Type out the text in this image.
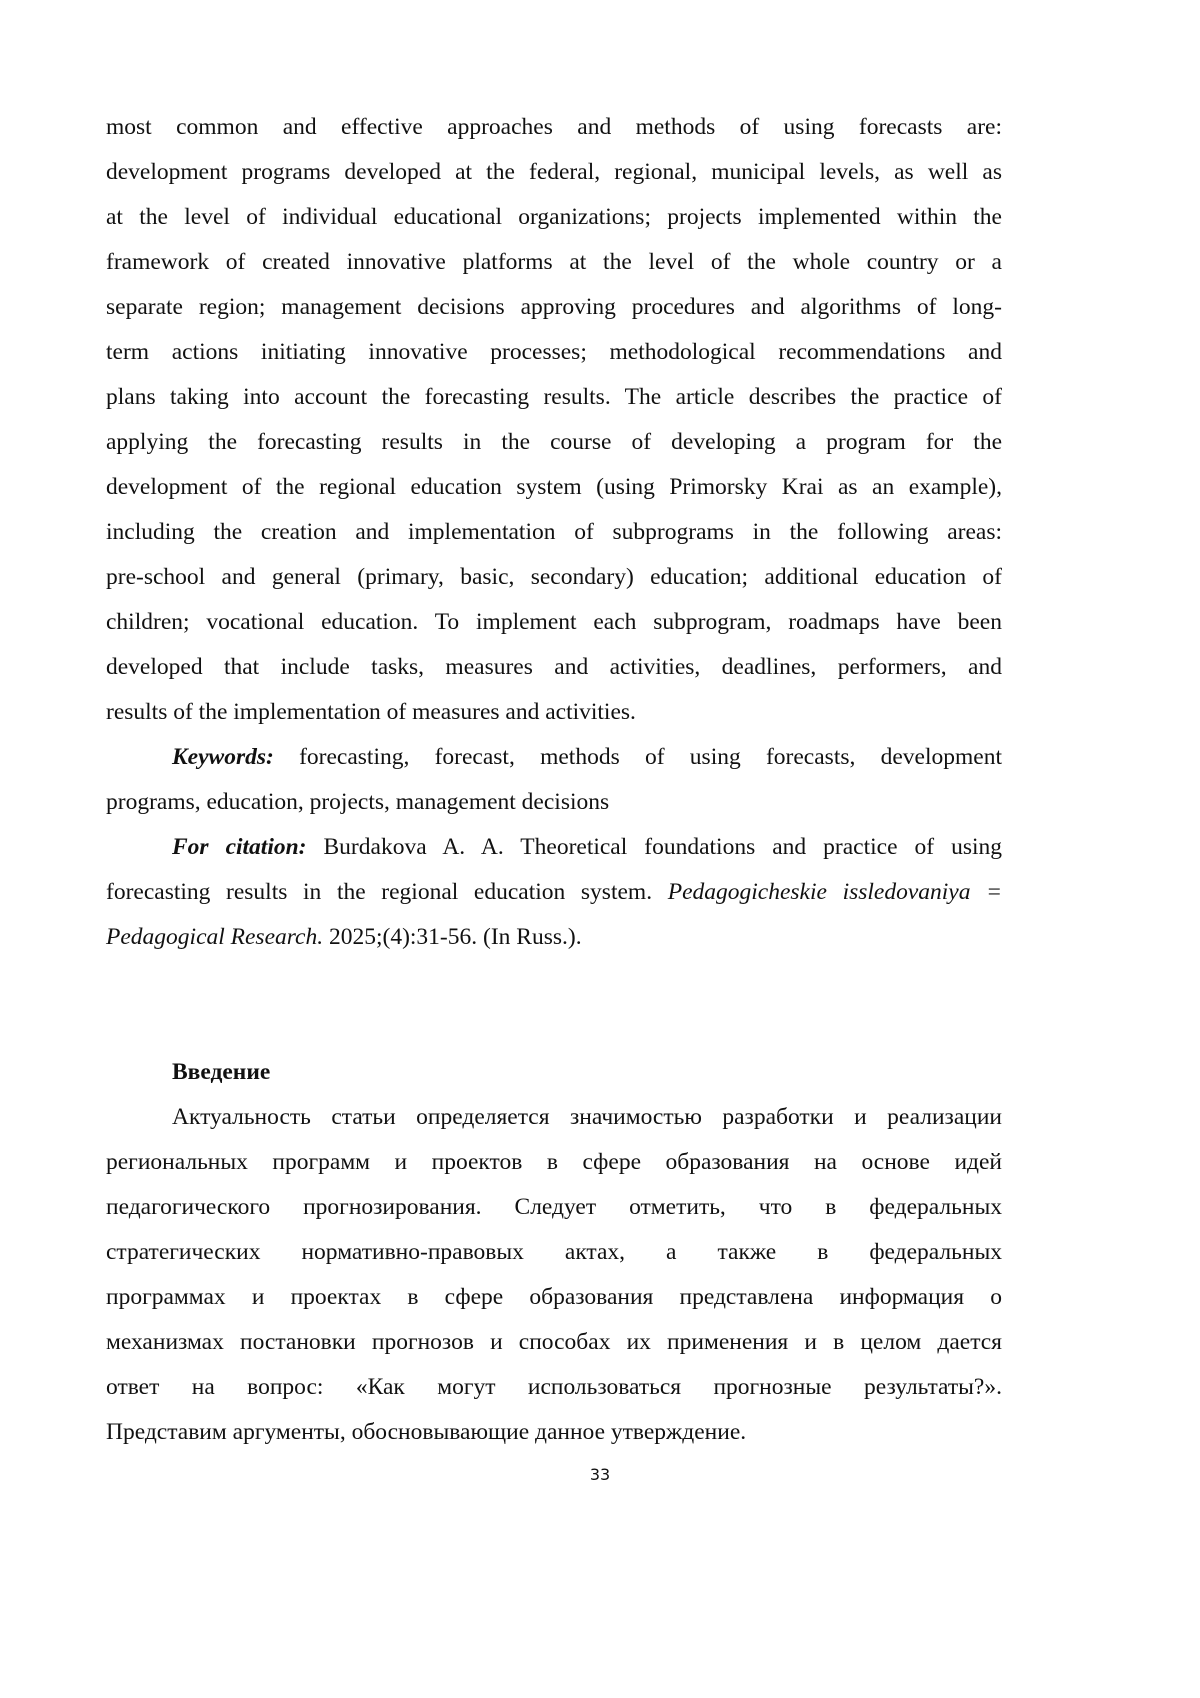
most common and effective approaches and methods of using forecasts are:
development programs developed at the federal, regional, municipal levels, as well as
at the level of individual educational organizations; projects implemented within the
framework of created innovative platforms at the level of the whole country or a
separate region; management decisions approving procedures and algorithms of long-
term actions initiating innovative processes; methodological recommendations and
plans taking into account the forecasting results. The article describes the practice of
applying the forecasting results in the course of developing a program for the
development of the regional education system (using Primorsky Krai as an example),
including the creation and implementation of subprograms in the following areas:
pre-school and general (primary, basic, secondary) education; additional education of
children; vocational education. To implement each subprogram, roadmaps have been
developed that include tasks, measures and activities, deadlines, performers, and
results of the implementation of measures and activities.
Keywords: forecasting, forecast, methods of using forecasts, development
programs, education, projects, management decisions
For citation: Burdakova A. A. Theoretical foundations and practice of using
forecasting results in the regional education system. Pedagogicheskie issledovaniya =
Pedagogical Research. 2025;(4):31-56. (In Russ.).
Введение
Актуальность статьи определяется значимостью разработки и реализации
региональных программ и проектов в сфере образования на основе идей
педагогического прогнозирования. Следует отметить, что в федеральных
стратегических нормативно-правовых актах, а также в федеральных
программах и проектах в сфере образования представлена информация о
механизмах постановки прогнозов и способах их применения и в целом дается
ответ на вопрос: «Как могут использоваться прогнозные результаты?».
Представим аргументы, обосновывающие данное утверждение.
33
